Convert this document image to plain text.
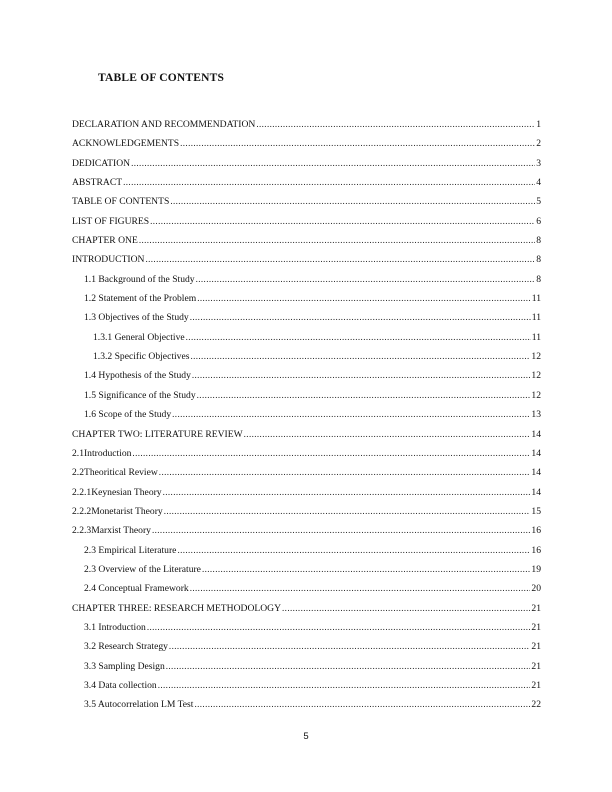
TABLE OF CONTENTS
DECLARATION AND RECOMMENDATION .....	1
ACKNOWLEDGEMENTS .....	2
DEDICATION .....	3
ABSTRACT .....	4
TABLE OF CONTENTS .....	5
LIST OF FIGURES .....	6
CHAPTER ONE .....	8
INTRODUCTION .....	8
1.1 Background of the Study .....	8
1.2 Statement of the Problem .....	11
1.3 Objectives of the Study .....	11
1.3.1 General Objective .....	11
1.3.2 Specific Objectives .....	12
1.4 Hypothesis of the Study .....	12
1.5 Significance of the Study .....	12
1.6 Scope of the Study .....	13
CHAPTER TWO: LITERATURE REVIEW .....	14
2.1Introduction .....	14
2.2Theoritical Review .....	14
2.2.1Keynesian Theory .....	14
2.2.2Monetarist Theory .....	15
2.2.3Marxist Theory .....	16
2.3 Empirical Literature .....	16
2.3 Overview of the Literature .....	19
2.4 Conceptual Framework .....	20
CHAPTER THREE: RESEARCH METHODOLOGY .....	21
3.1 Introduction .....	21
3.2 Research Strategy .....	21
3.3 Sampling Design .....	21
3.4 Data collection .....	21
3.5 Autocorrelation LM Test .....	22
5
